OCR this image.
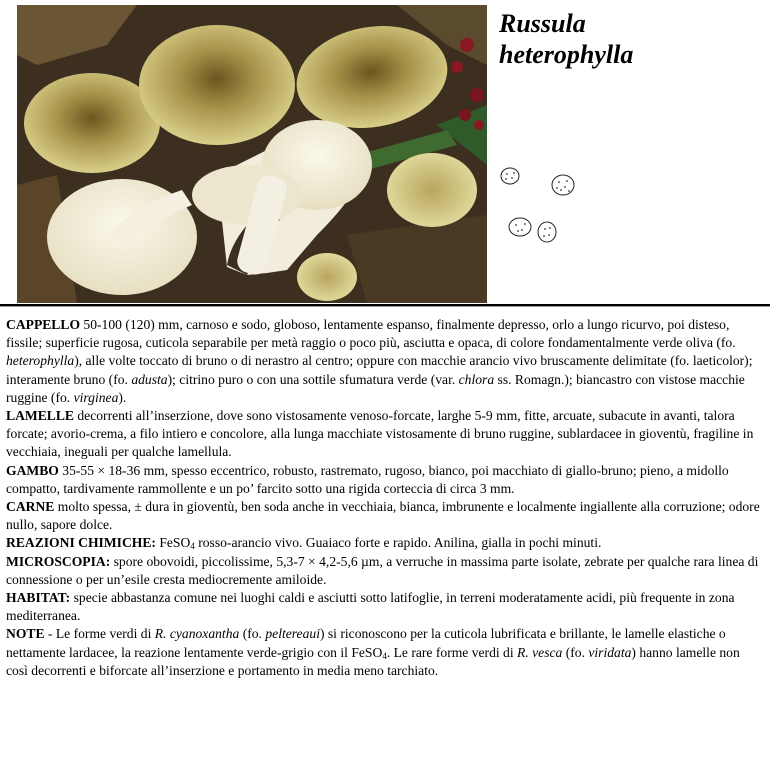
Russula
heterophylla

CAPPELLO 50-100 (120) mm, carnoso e sodo, globoso, lentamente espanso, finalmente depresso, orlo a lungo ricurvo, poi disteso, fissile; superficie rugosa, cuticola separabile per metà raggio o poco più, asciutta e opaca, di colore fondamentalmente verde oliva (fo. heterophylla), alle volte toccato di bruno o di nerastro al centro; oppure con macchie arancio vivo bruscamente delimitate (fo. laeticolor); interamente bruno (fo. adusta); citrino puro o con una sottile sfumatura verde (var. chlora ss. Romagn.); biancastro con vistose macchie ruggine (fo. virginea).

LAMELLE decorrenti all’inserzione, dove sono vistosamente venoso-forcate, larghe 5-9 mm, fitte, arcuate, subacute in avanti, talora forcate; avorio-crema, a filo intiero e concolore, alla lunga macchiate vistosamente di bruno ruggine, sublardacee in gioventù, fragiline in vecchiaia, ineguali per qualche lamellula.

GAMBO 35-55 × 18-36 mm, spesso eccentrico, robusto, rastremato, rugoso, bianco, poi macchiato di giallo-bruno; pieno, a midollo compatto, tardivamente rammollente e un po’ farcito sotto una rigida corteccia di circa 3 mm.

CARNE molto spessa, ± dura in gioventù, ben soda anche in vecchiaia, bianca, imbrunente e localmente ingiallente alla corruzione; odore nullo, sapore dolce.

REAZIONI CHIMICHE: FeSO$_4$ rosso-arancio vivo. Guaiaco forte e rapido. Anilina, gialla in pochi minuti.

MICROSCOPIA: spore obovoidi, piccolissime, 5,3-7 × 4,2-5,6 µm, a verruche in massima parte isolate, zebrate per qualche rara linea di connessione o per un’esile cresta mediocremente amiloide.

HABITAT: specie abbastanza comune nei luoghi caldi e asciutti sotto latifoglie, in terreni moderatamente acidi, più frequente in zona mediterranea.

NOTE - Le forme verdi di R. cyanoxantha (fo. peltereaui) si riconoscono per la cuticola lubrificata e brillante, le lamelle elastiche o nettamente lardacee, la reazione lentamente verde-grigio con il FeSO$_4$. Le rare forme verdi di R. vesca (fo. viridata) hanno lamelle non così decorrenti e biforcate all’inserzione e portamento in media meno tarchiato.
